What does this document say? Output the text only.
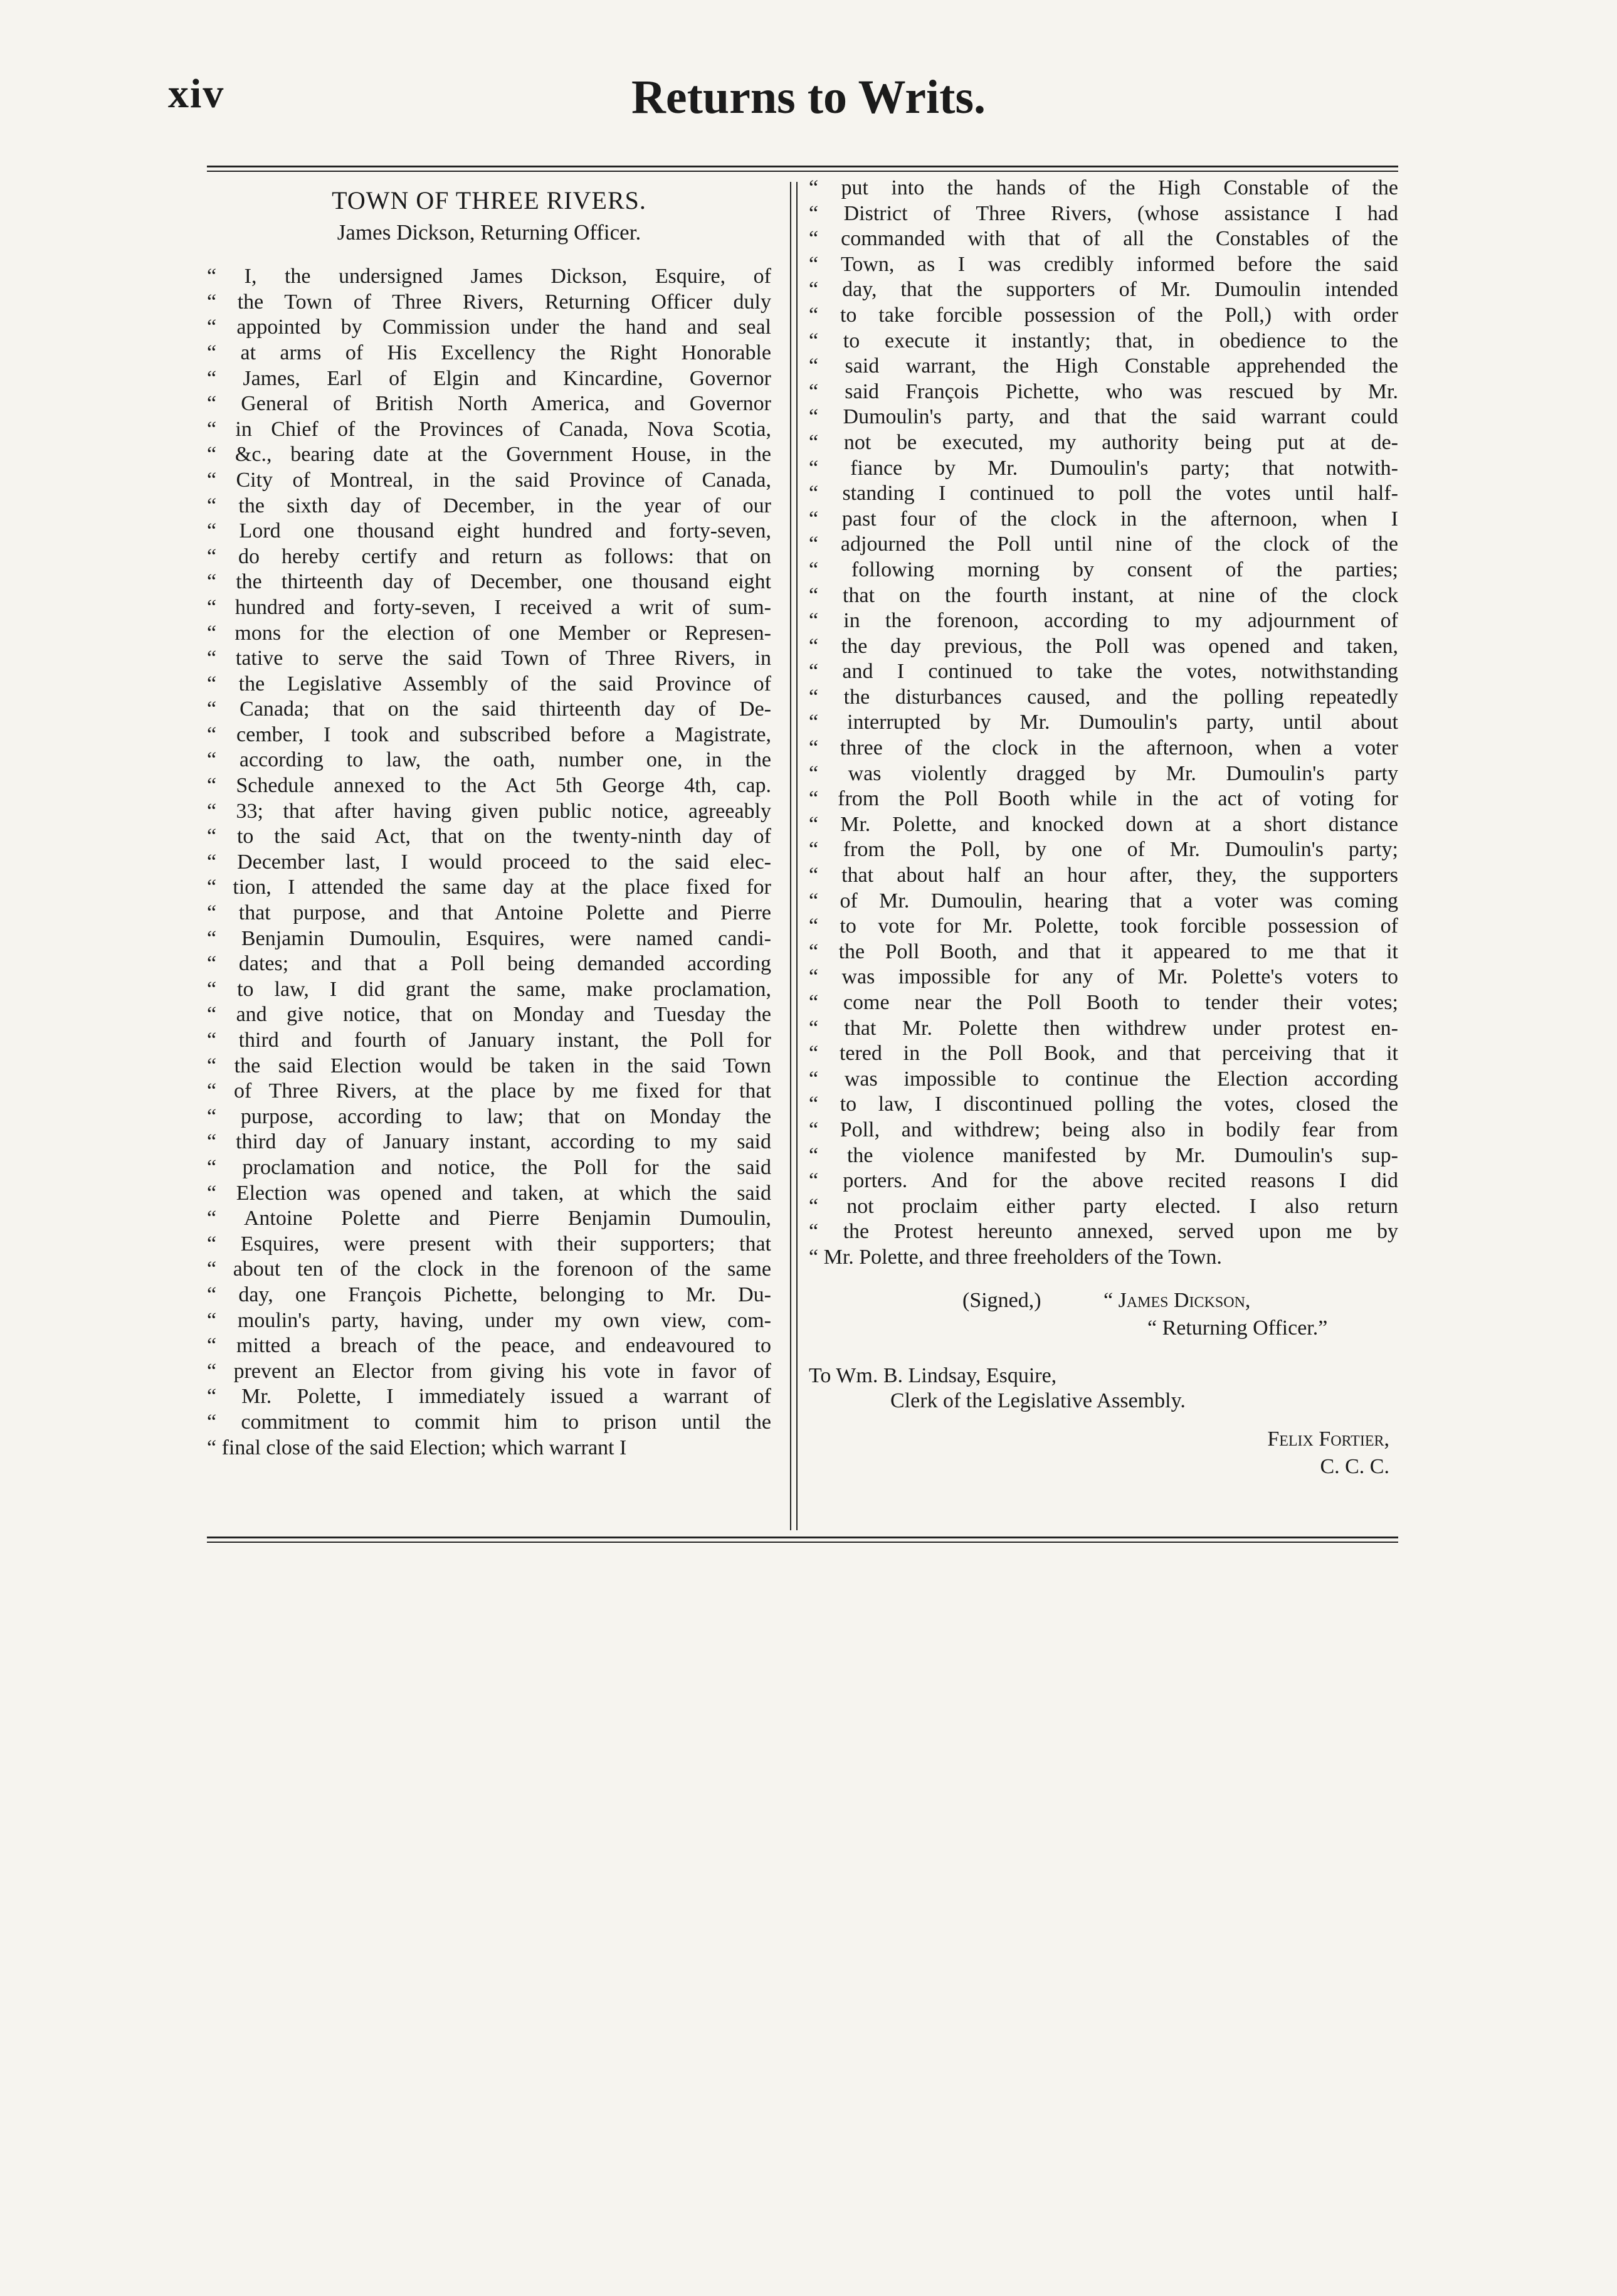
xiv	Returns to Writs.
TOWN OF THREE RIVERS.
James Dickson, Returning Officer.
“ I, the undersigned James Dickson, Esquire, of
“ the Town of Three Rivers, Returning Officer duly
“ appointed by Commission under the hand and seal
“ at arms of His Excellency the Right Honorable
“ James, Earl of Elgin and Kincardine, Governor
“ General of British North America, and Governor
“ in Chief of the Provinces of Canada, Nova Scotia,
“ &c., bearing date at the Government House, in the
“ City of Montreal, in the said Province of Canada,
“ the sixth day of December, in the year of our
“ Lord one thousand eight hundred and forty-seven,
“ do hereby certify and return as follows: that on
“ the thirteenth day of December, one thousand eight
“ hundred and forty-seven, I received a writ of sum-
“ mons for the election of one Member or Represen-
“ tative to serve the said Town of Three Rivers, in
“ the Legislative Assembly of the said Province of
“ Canada; that on the said thirteenth day of De-
“ cember, I took and subscribed before a Magistrate,
“ according to law, the oath, number one, in the
“ Schedule annexed to the Act 5th George 4th, cap.
“ 33; that after having given public notice, agreeably
“ to the said Act, that on the twenty-ninth day of
“ December last, I would proceed to the said elec-
“ tion, I attended the same day at the place fixed for
“ that purpose, and that Antoine Polette and Pierre
“ Benjamin Dumoulin, Esquires, were named candi-
“ dates; and that a Poll being demanded according
“ to law, I did grant the same, make proclamation,
“ and give notice, that on Monday and Tuesday the
“ third and fourth of January instant, the Poll for
“ the said Election would be taken in the said Town
“ of Three Rivers, at the place by me fixed for that
“ purpose, according to law; that on Monday the
“ third day of January instant, according to my said
“ proclamation and notice, the Poll for the said
“ Election was opened and taken, at which the said
“ Antoine Polette and Pierre Benjamin Dumoulin,
“ Esquires, were present with their supporters; that
“ about ten of the clock in the forenoon of the same
“ day, one François Pichette, belonging to Mr. Du-
“ moulin's party, having, under my own view, com-
“ mitted a breach of the peace, and endeavoured to
“ prevent an Elector from giving his vote in favor of
“ Mr. Polette, I immediately issued a warrant of
“ commitment to commit him to prison until the
“ final close of the said Election; which warrant I
“ put into the hands of the High Constable of the
“ District of Three Rivers, (whose assistance I had
“ commanded with that of all the Constables of the
“ Town, as I was credibly informed before the said
“ day, that the supporters of Mr. Dumoulin intended
“ to take forcible possession of the Poll,) with order
“ to execute it instantly; that, in obedience to the
“ said warrant, the High Constable apprehended the
“ said François Pichette, who was rescued by Mr.
“ Dumoulin's party, and that the said warrant could
“ not be executed, my authority being put at de-
“ fiance by Mr. Dumoulin's party; that notwith-
“ standing I continued to poll the votes until half-
“ past four of the clock in the afternoon, when I
“ adjourned the Poll until nine of the clock of the
“ following morning by consent of the parties;
“ that on the fourth instant, at nine of the clock
“ in the forenoon, according to my adjournment of
“ the day previous, the Poll was opened and taken,
“ and I continued to take the votes, notwithstanding
“ the disturbances caused, and the polling repeatedly
“ interrupted by Mr. Dumoulin's party, until about
“ three of the clock in the afternoon, when a voter
“ was violently dragged by Mr. Dumoulin's party
“ from the Poll Booth while in the act of voting for
“ Mr. Polette, and knocked down at a short distance
“ from the Poll, by one of Mr. Dumoulin's party;
“ that about half an hour after, they, the supporters
“ of Mr. Dumoulin, hearing that a voter was coming
“ to vote for Mr. Polette, took forcible possession of
“ the Poll Booth, and that it appeared to me that it
“ was impossible for any of Mr. Polette's voters to
“ come near the Poll Booth to tender their votes;
“ that Mr. Polette then withdrew under protest en-
“ tered in the Poll Book, and that perceiving that it
“ was impossible to continue the Election according
“ to law, I discontinued polling the votes, closed the
“ Poll, and withdrew; being also in bodily fear from
“ the violence manifested by Mr. Dumoulin's sup-
“ porters. And for the above recited reasons I did
“ not proclaim either party elected. I also return
“ the Protest hereunto annexed, served upon me by
“ Mr. Polette, and three freeholders of the Town.
(Signed,)	“ James Dickson,
“ Returning Officer.”
To Wm. B. Lindsay, Esquire,
Clerk of the Legislative Assembly.
Felix Fortier,
C. C. C.
